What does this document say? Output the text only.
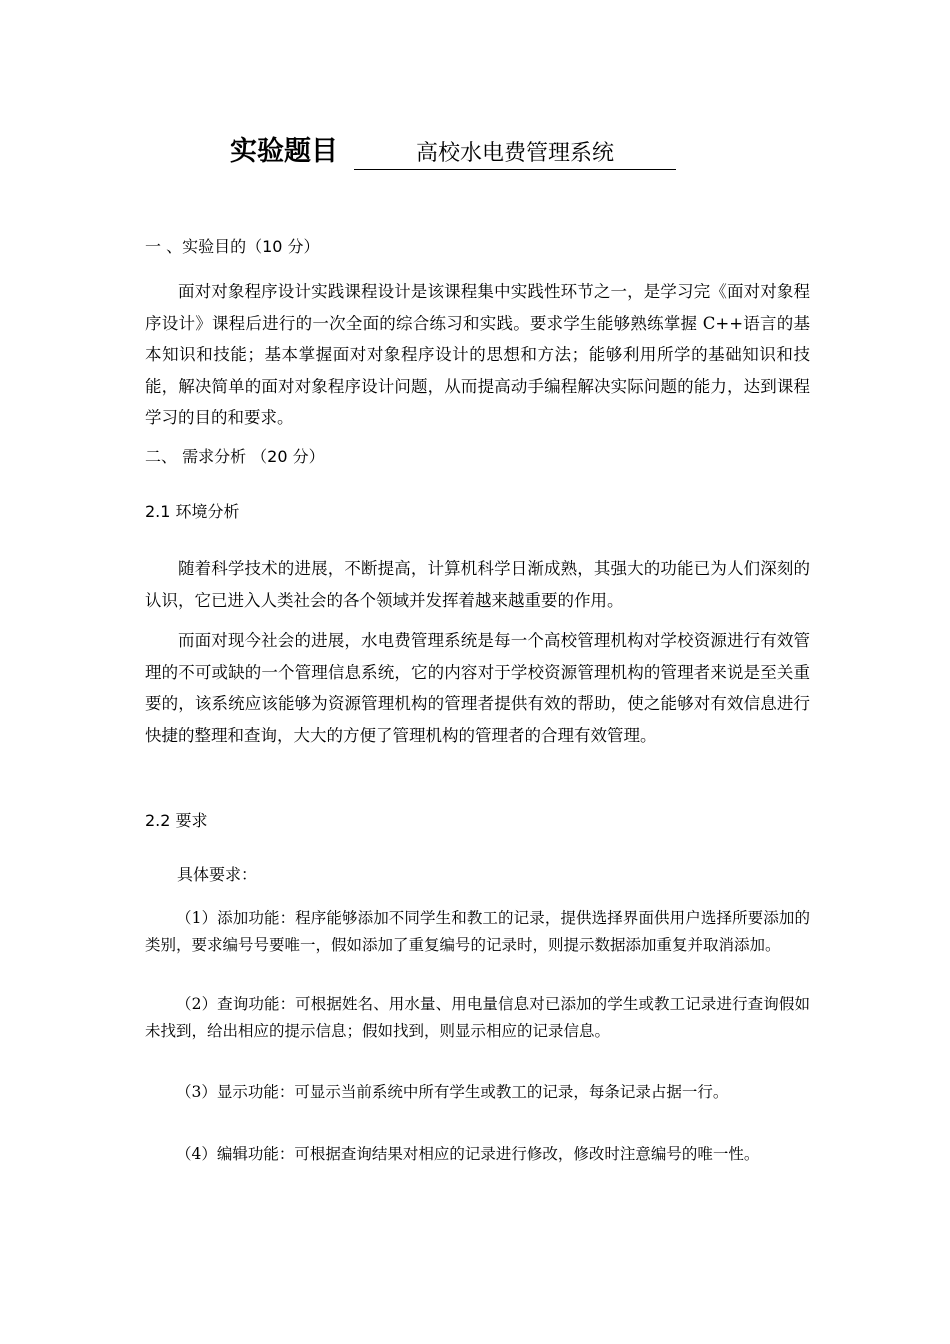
实验题目	高校水电费管理系统
一 、实验目的（10 分）
面对对象程序设计实践课程设计是该课程集中实践性环节之一，是学习完《面对对象程序设计》课程后进行的一次全面的综合练习和实践。要求学生能够熟练掌握 C++语言的基本知识和技能；基本掌握面对对象程序设计的思想和方法；能够利用所学的基础知识和技能，解决简单的面对对象程序设计问题，从而提高动手编程解决实际问题的能力，达到课程学习的目的和要求。
二、 需求分析 （20 分）
2.1 环境分析
随着科学技术的进展，不断提高，计算机科学日渐成熟，其强大的功能已为人们深刻的认识，它已进入人类社会的各个领域并发挥着越来越重要的作用。
而面对现今社会的进展，水电费管理系统是每一个高校管理机构对学校资源进行有效管理的不可或缺的一个管理信息系统，它的内容对于学校资源管理机构的管理者来说是至关重要的，该系统应该能够为资源管理机构的管理者提供有效的帮助，使之能够对有效信息进行快捷的整理和查询，大大的方便了管理机构的管理者的合理有效管理。
2.2 要求
具体要求：
（1）添加功能：程序能够添加不同学生和教工的记录，提供选择界面供用户选择所要添加的类别，要求编号号要唯一，假如添加了重复编号的记录时，则提示数据添加重复并取消添加。
（2）查询功能：可根据姓名、用水量、用电量信息对已添加的学生或教工记录进行查询假如未找到，给出相应的提示信息；假如找到，则显示相应的记录信息。
（3）显示功能：可显示当前系统中所有学生或教工的记录，每条记录占据一行。
（4）编辑功能：可根据查询结果对相应的记录进行修改，修改时注意编号的唯一性。
